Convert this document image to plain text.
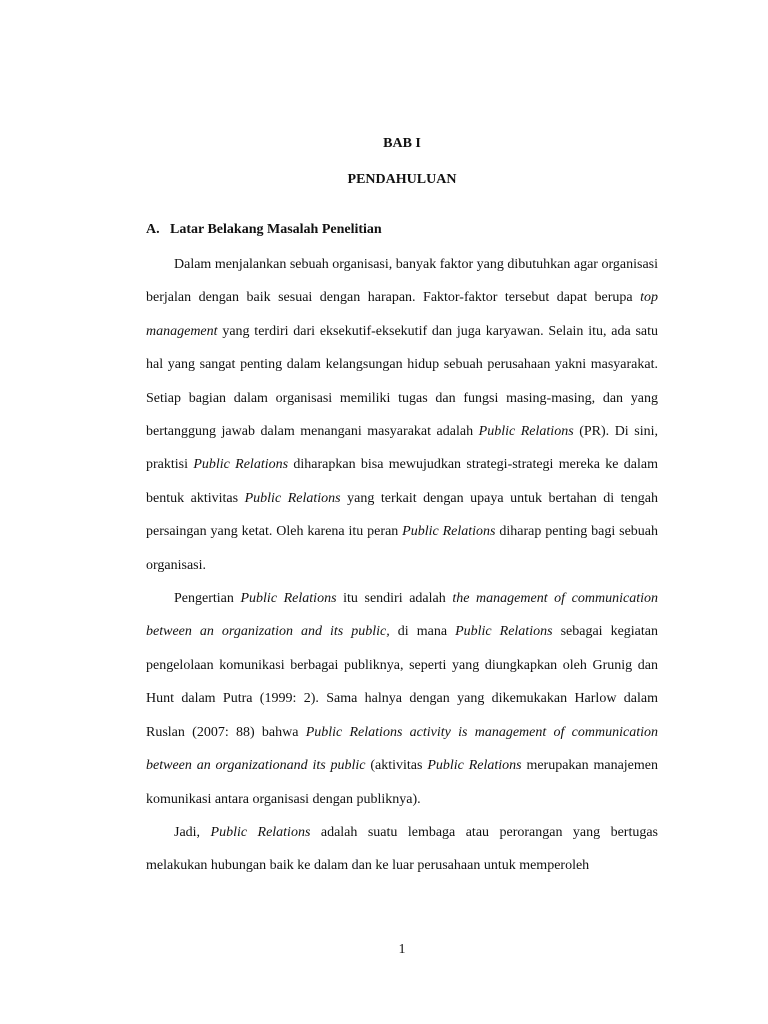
BAB I
PENDAHULUAN
A. Latar Belakang Masalah Penelitian

Dalam menjalankan sebuah organisasi, banyak faktor yang dibutuhkan agar organisasi berjalan dengan baik sesuai dengan harapan. Faktor-faktor tersebut dapat berupa top management yang terdiri dari eksekutif-eksekutif dan juga karyawan. Selain itu, ada satu hal yang sangat penting dalam kelangsungan hidup sebuah perusahaan yakni masyarakat. Setiap bagian dalam organisasi memiliki tugas dan fungsi masing-masing, dan yang bertanggung jawab dalam menangani masyarakat adalah Public Relations (PR). Di sini, praktisi Public Relations diharapkan bisa mewujudkan strategi-strategi mereka ke dalam bentuk aktivitas Public Relations yang terkait dengan upaya untuk bertahan di tengah persaingan yang ketat. Oleh karena itu peran Public Relations diharap penting bagi sebuah organisasi.

Pengertian Public Relations itu sendiri adalah the management of communication between an organization and its public, di mana Public Relations sebagai kegiatan pengelolaan komunikasi berbagai publiknya, seperti yang diungkapkan oleh Grunig dan Hunt dalam Putra (1999: 2). Sama halnya dengan yang dikemukakan Harlow dalam Ruslan (2007: 88) bahwa Public Relations activity is management of communication between an organizationand its public (aktivitas Public Relations merupakan manajemen komunikasi antara organisasi dengan publiknya).

Jadi, Public Relations adalah suatu lembaga atau perorangan yang bertugas melakukan hubungan baik ke dalam dan ke luar perusahaan untuk memperoleh

1
